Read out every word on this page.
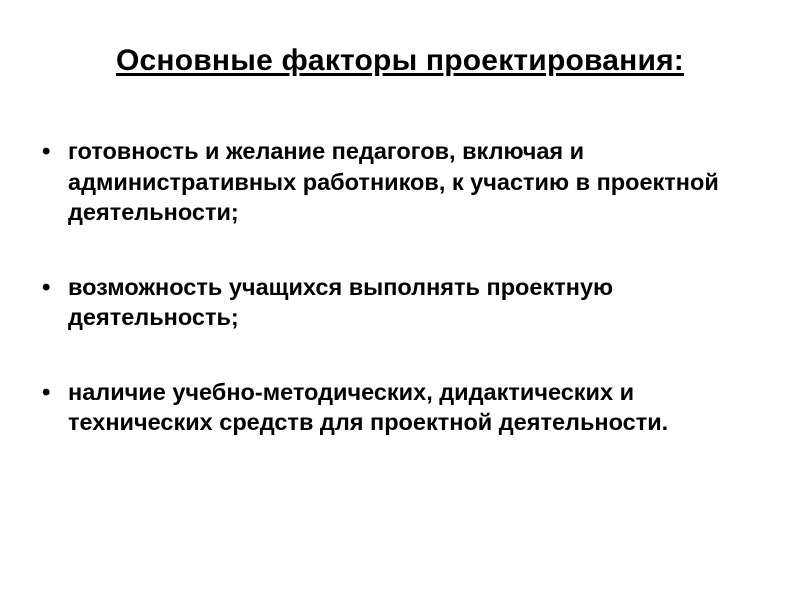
Основные факторы проектирования:
• готовность и желание педагогов, включая и административных работников, к участию в проектной деятельности;
• возможность учащихся выполнять проектную деятельность;
• наличие учебно-методических, дидактических и технических средств для проектной деятельности.
